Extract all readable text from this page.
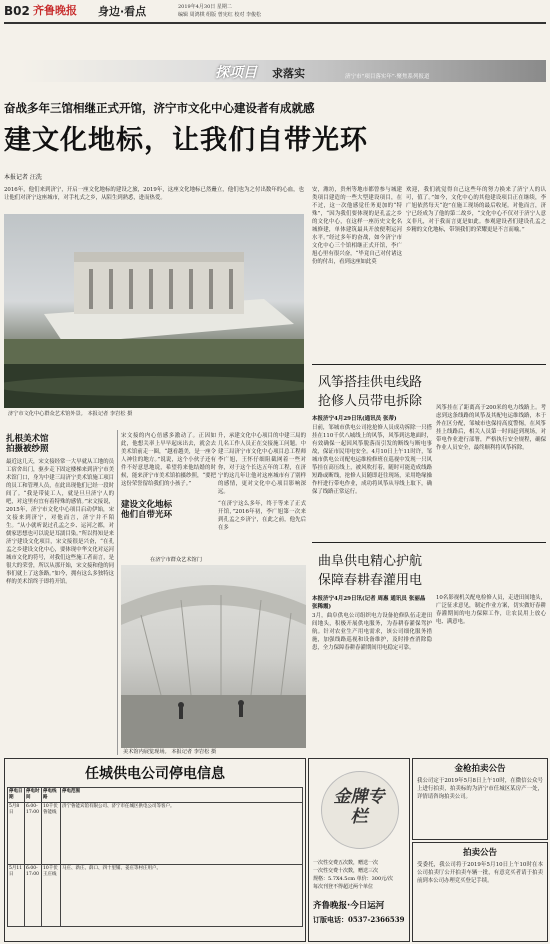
B02 齐鲁晚报 身边·看点	2019年4月30日 星期二
编辑 周鸿棋 组版 曾宪红 校对 李俊松
探项目 求落实	济宁市“项目落实年”·聚焦系列报道
奋战多年三馆相继正式开馆，济宁市文化中心建设者有成就感
建文化地标，让我们自带光环
本报记者 汪洗
2016年，他们来到济宁，开启一座文化地标的建设之旅，2019年，这座文化地标已然矗立，他们也为之付出数年的心血，也让他们对济宁这座城市，对手札式之乡，从陌生到熟悉，进而热爱。
济宁市文化中心群众艺术馆外景。 本报记者 李岩松 摄
扎根美术馆
拍摄被纱照
最近这几天，宋文接经常一大早就从工地的员工宿舍出门，驱步走下固定楼梯来到济宁市美术馆门口，身为中建三局济宁美术馆施工项目的员工和管理人员，在此出现他们已经一段时间了。“我是带徒工人，就是旦旦济宁人的吧，对这里有宜有着特殊的感情。”宋文接说，2015年，济宁市文化中心项目启动伊始，宋文接来到济宁，对他而言，济宁并不陌生。“从小就听说过孔孟之乡、运河之都，对儒家思想也可以说是耳濡目染。”所以得知是来济宁建设文化项目，宋文接很是兴奋，“在孔孟之乡建设文化中心，要体现中华文化对运河城市文化的符号，对我们这些施工者而言，是很大的荣誉，所以从那开始，宋文接和他的同事们就上了这条路。”如今，拥有这么多独特这样的美术馆终于即将开馆。
宋文接的内心倍感多激动了。正因如此，他想关率上早早起床出去，就会去美术馆前走一圈，“越看越美，是一座令人神往的地方。”说说，这个小伙子还有件不好意思地说，希望将来他结婚的时候，能来济宁市美术馆拍摄纱照，“要把这份荣誉留给我们的小孩子。”
建设文化地标
他们自带光环
升，承建文化中心项目的中建三局的几名工作人员正在交接施工问题。中建三局济宁市文化中心项目总工程师李广旭，王怀仔细阻截网着一些对你，对于这个长达五年的工程，在济宁的这几年让他对这座城市有了别样的感情，更对文化中心项目影响深远。
“在济宁这么多年，终于等来了正式开馆，”2016年初，李广旭第一次来到孔孟之乡济宁，在此之前，他先后在多
在济宁市群众艺术馆门
美术馆内展览现场。 本报记者 李岩松 摄
安，潍坊，贵州等地市都曾参与城建类项目建造的一些大型建设项目，在不过，这一次他感觉任务更加的“特殊”，“因为我们要体现的是孔孟之乡的文化中心，在这样一座历史文化名城修建，单体建筑最具开放便利运河水平。”经过多年的奋战，如今济宁市文化中心三个馆相继正式开馆，李广旭心里有很兴奋，“毕竟自己对付诸这份的付出，看到这座如此莫
欢迎，我们就觉得自己这些年的努力换来了济宁人的认可，值了。”如今，文化中心的其他建设项目正在继续，李广旭依然每天“泡”在施工现场的最后收尾。对他而言，济宁已经成为了他的第二故乡，“文化中心不仅对于济宁人意义非凡，对于我而言更是如此。参观建设者们建设孔孟之乡精的文化地标，带领我们的荣耀更是不言而喻。”
风筝搭挂供电线路
抢修人员带电拆除
本报济宁4月29日讯(通讯员 张蒂)
日前，邹城市供电公司抢抢修人员成功拆除一只搭挂在110千伏八城线上的风筝，风筝到达地面时，有效确保一起因风筝脱落而引发的断线与断电事故，保证市民用电安全。4月10日上午11时许，邹城市供电公司配电运维检修班在巡视中发现一只风筝挂在高压线上，被风吹打着，随时可能造成线路短路或断线，抢修人员随即赶往现场，采用绝缘操作杆进行带电作业，成功将风筝从导线上取下，确保了线路正常运行。
风筝挂在了距离高于200米的电力线路上。考虑到这条线路的风筝及其配电运维线路，本于外在区分配，邹城市也保持高度警惕，在风筝挂上线路后，相关人员第一时间赶到现场，对带电作业进行部署，严格执行安全规程，确保作业人员安全，最终顺利将风筝拆除。
曲阜供电精心护航
保障春耕春灌用电
本报济宁4月29日讯(记者 周惠 通讯员 张丽晶 张稀霞)
3月，曲阜供电公司组织电力设备抢修队伍走进田间地头，积极开展供电服务，为春耕春灌保驾护航。针对农业生产用电需求，该公司细化服务措施，加强线路巡视和设备维护，及时排查消除隐患，全力保障春耕春灌期间用电稳定可靠。
10名影视机关配电检修人员，走进田间地头，广泛征求意见，制定作业方案，切实做好春耕春灌期间的电力保障工作，让农民用上放心电、满意电。
任城供电公司停电信息
停电日期	停电时间	停电线路	停电范围
5月8日	6:00-17:00	10千伏鲁能线	济宁鲁能宾馆有限公司、济宁市任城区供电公司等客户。
5月11日	6:00-17:00	10千伏王庄线	马庄、新庄、薛口、四十里铺、姜庄等村庄用户。
金牌专栏
一次性交费五次数，赠送一次
一次性交费十次数，赠送三次
规格：5.7X4.5cm 单价：300元/次
每次刊登不得超过两个单位
齐鲁晚报·今日运河
订版电话：0537-2366539
金枪拍卖公告
我公司定于2019年5月8日上午10时，在微信公众号上进行拍卖，拍卖标的为济宁市任城区某房产一处，详情请咨询拍卖公司。
拍卖公告
受委托，我公司将于2019年5月10日上午10时在本公司拍卖厅公开拍卖车辆一批，有意竞买者请于拍卖前到本公司办理竞买登记手续。
